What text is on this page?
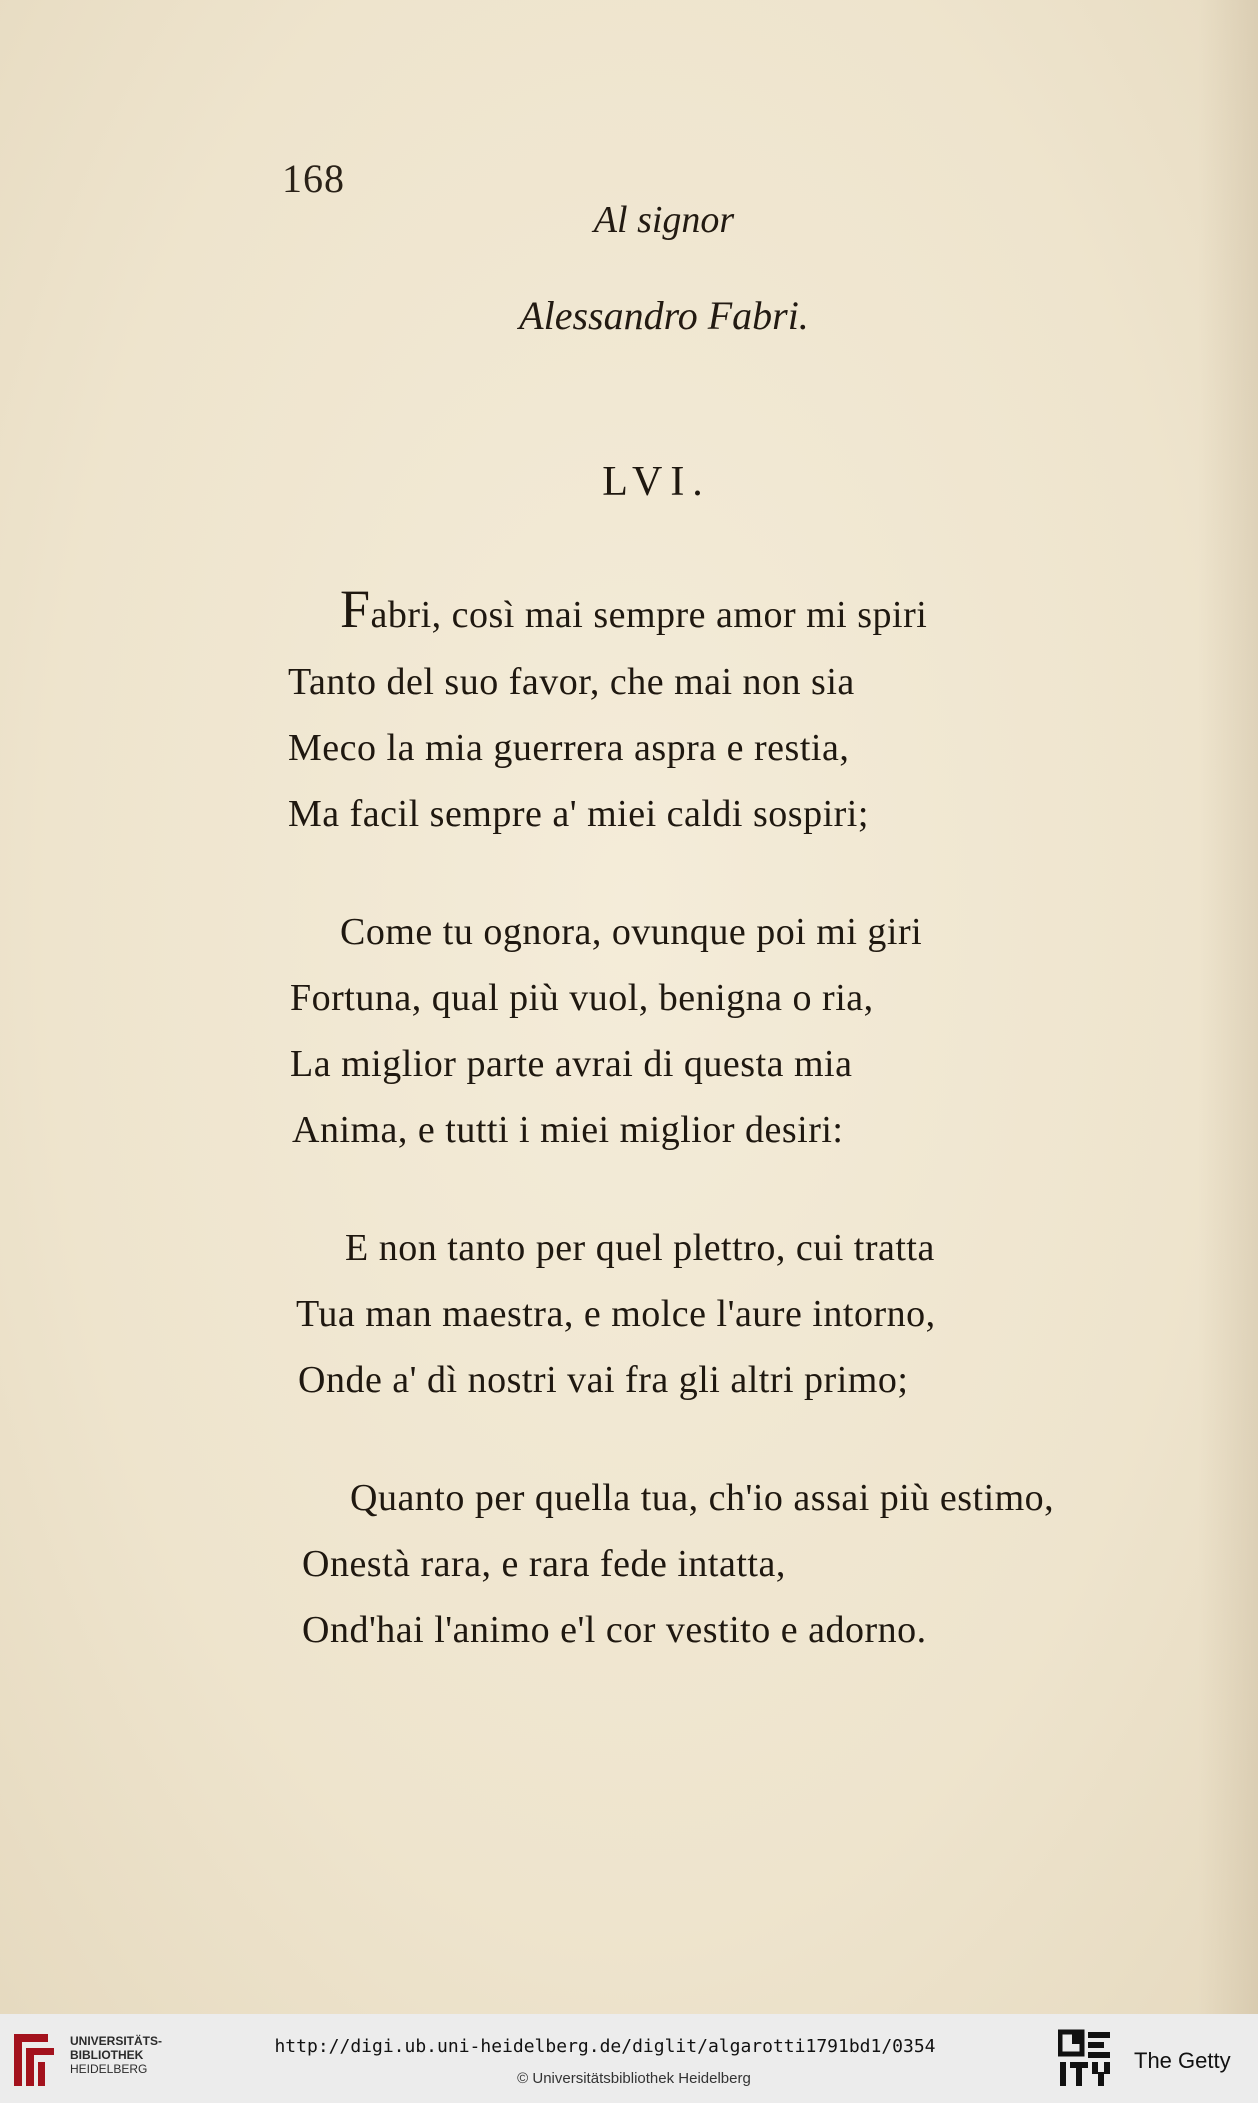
168
Al signor
Alessandro Fabri.
LVI.
Fabri, così mai sempre amor mi spiri
Tanto del suo favor, che mai non sia
Meco la mia guerrera aspra e restia,
Ma facil sempre a' miei caldi sospiri;
Come tu ognora, ovunque poi mi giri
Fortuna, qual più vuol, benigna o ria,
La miglior parte avrai di questa mia
Anima, e tutti i miei miglior desiri:
E non tanto per quel plettro, cui tratta
Tua man maestra, e molce l'aure intorno,
Onde a' dì nostri vai fra gli altri primo;
Quanto per quella tua, ch'io assai più estimo,
Onestà rara, e rara fede intatta,
Ond'hai l'animo e'l cor vestito e adorno.
UNIVERSITÄTS-
BIBLIOTHEK
HEIDELBERG
http://digi.ub.uni-heidelberg.de/diglit/algarotti1791bd1/0354
© Universitätsbibliothek Heidelberg
The Getty
